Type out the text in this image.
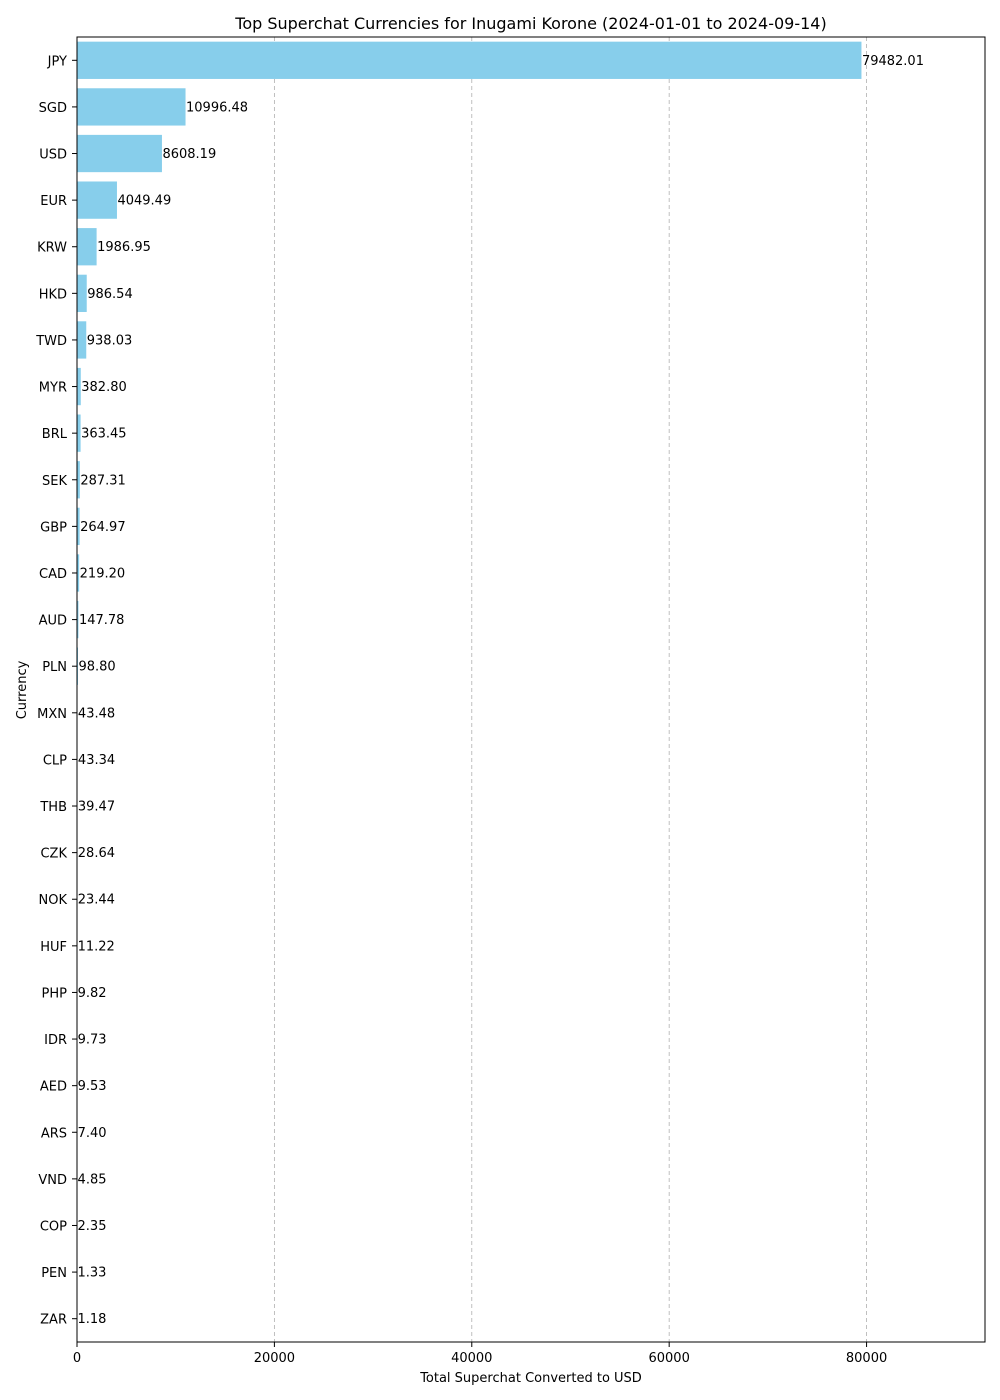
Top Superchat Currencies for Inugami Korone (2024-01-01 to 2024-09-14)
79482.01
10996.48
8608.19
4049.49
1986.95
986.54
938.03
382.80
363.45
287.31
264.97
219.20
147.78
98.80
43.48
43.34
39.47
28.64
23.44
11.22
9.82
9.73
9.53
7.40
4.85
2.35
1.33
1.18
JPY
SGD
USD
EUR
KRW
HKD
TWD
MYR
BRL
SEK
GBP
CAD
AUD
PLN
MXN
CLP
THB
CZK
NOK
HUF
PHP
IDR
AED
ARS
VND
COP
PEN
ZAR
0	20000	40000	60000	80000
Total Superchat Converted to USD
Currency
